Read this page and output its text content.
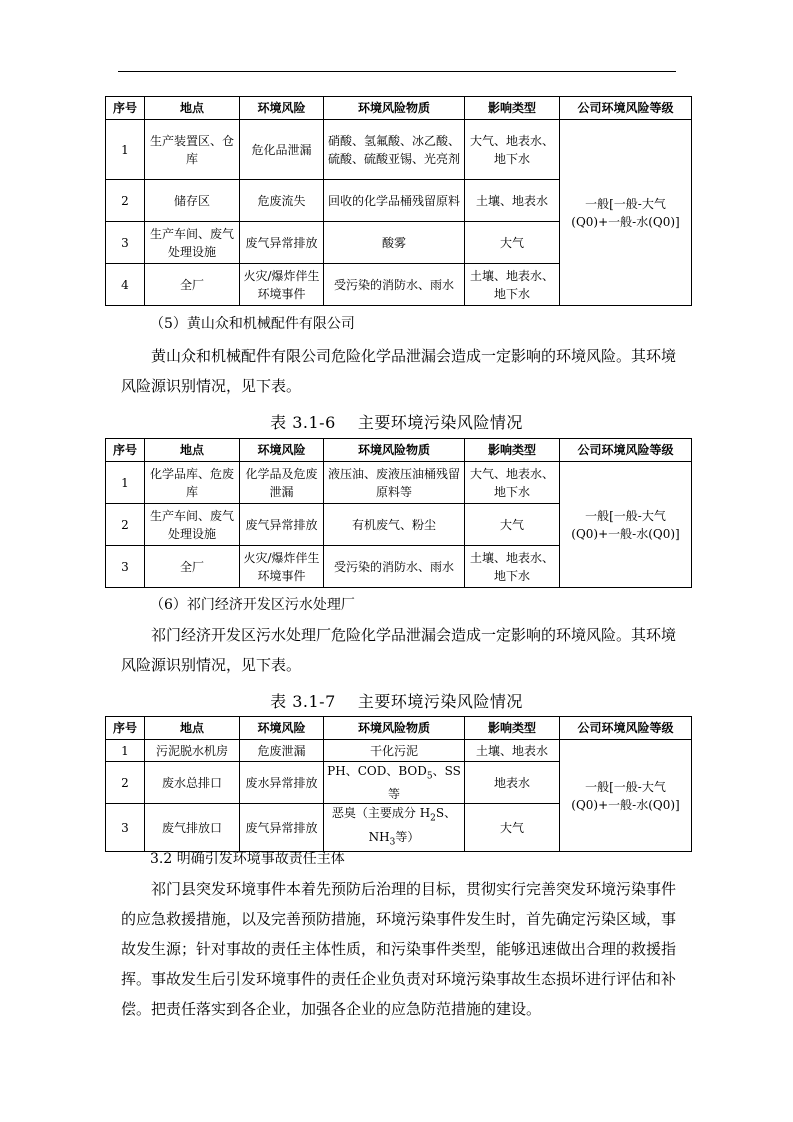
序号	地点	环境风险	环境风险物质	影响类型	公司环境风险等级
1	生产装置区、仓库	危化品泄漏	硝酸、氢氟酸、冰乙酸、硫酸、硫酸亚锡、光亮剂	大气、地表水、地下水	一般[一般-大气(Q0)+一般-水(Q0)]
2	储存区	危废流失	回收的化学品桶残留原料	土壤、地表水	
3	生产车间、废气处理设施	废气异常排放	酸雾	大气	
4	全厂	火灾/爆炸伴生环境事件	受污染的消防水、雨水	土壤、地表水、地下水	

（5）黄山众和机械配件有限公司

黄山众和机械配件有限公司危险化学品泄漏会造成一定影响的环境风险。其环境风险源识别情况，见下表。

表 3.1-6　 主要环境污染风险情况

序号	地点	环境风险	环境风险物质	影响类型	公司环境风险等级
1	化学品库、危废库	化学品及危废泄漏	液压油、废液压油桶残留原料等	大气、地表水、地下水	一般[一般-大气(Q0)+一般-水(Q0)]
2	生产车间、废气处理设施	废气异常排放	有机废气、粉尘	大气	
3	全厂	火灾/爆炸伴生环境事件	受污染的消防水、雨水	土壤、地表水、地下水	

（6）祁门经济开发区污水处理厂

祁门经济开发区污水处理厂危险化学品泄漏会造成一定影响的环境风险。其环境风险源识别情况，见下表。

表 3.1-7　 主要环境污染风险情况

序号	地点	环境风险	环境风险物质	影响类型	公司环境风险等级
1	污泥脱水机房	危废泄漏	干化污泥	土壤、地表水	一般[一般-大气(Q0)+一般-水(Q0)]
2	废水总排口	废水异常排放	PH、COD、$BOD_5$、SS等	地表水	
3	废气排放口	废气异常排放	恶臭（主要成分 $H_2S$、$NH_3$等）	大气	

3.2 明确引发环境事故责任主体

祁门县突发环境事件本着先预防后治理的目标，贯彻实行完善突发环境污染事件的应急救援措施，以及完善预防措施，环境污染事件发生时，首先确定污染区域，事故发生源；针对事故的责任主体性质，和污染事件类型，能够迅速做出合理的救援指挥。事故发生后引发环境事件的责任企业负责对环境污染事故生态损坏进行评估和补偿。把责任落实到各企业，加强各企业的应急防范措施的建设。
